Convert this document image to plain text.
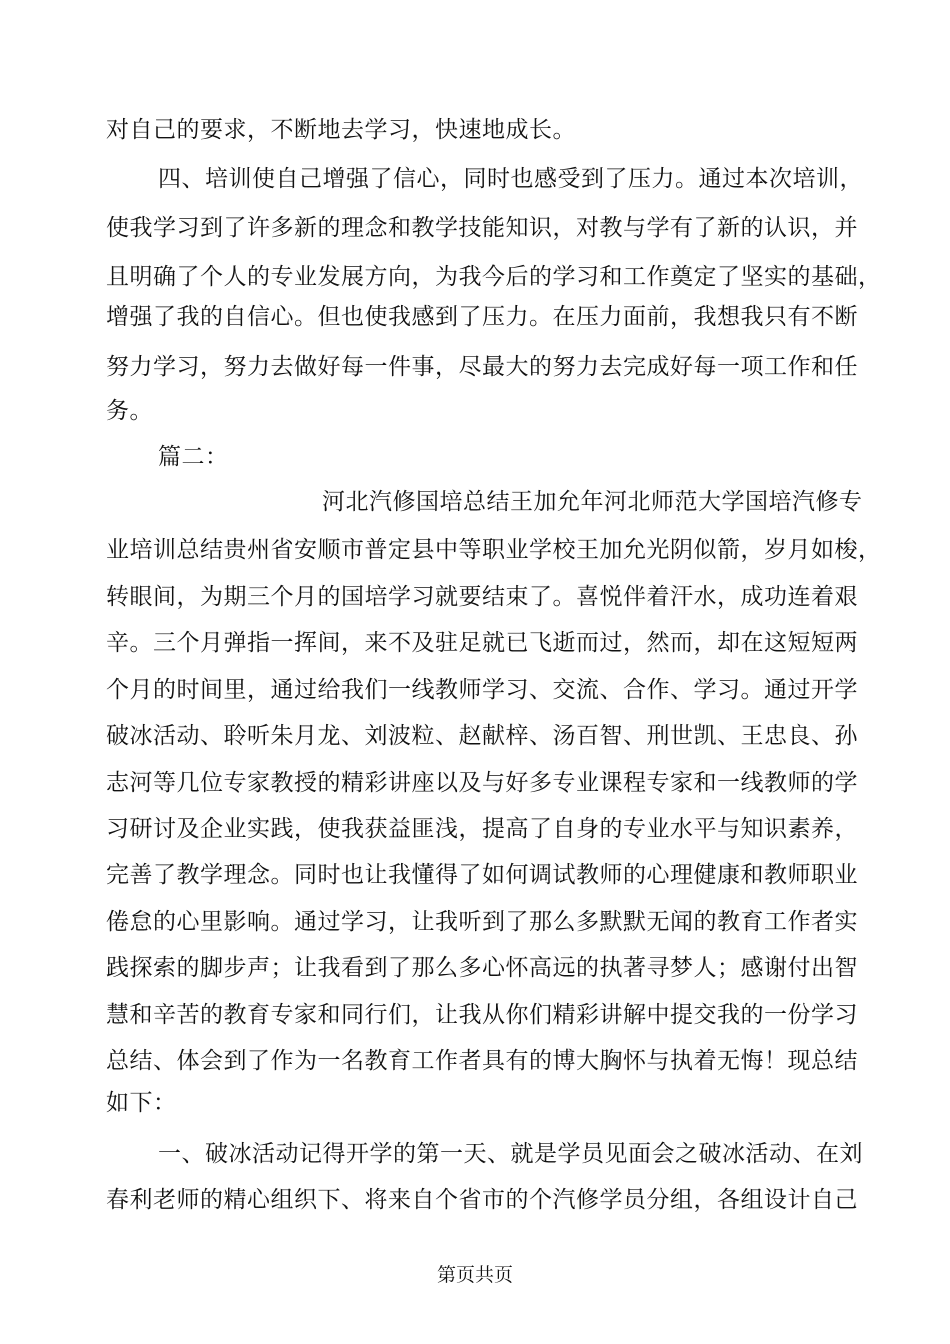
对自己的要求，不断地去学习，快速地成长。
四、培训使自己增强了信心，同时也感受到了压力。通过本次培训，
使我学习到了许多新的理念和教学技能知识，对教与学有了新的认识，并
且明确了个人的专业发展方向，为我今后的学习和工作奠定了坚实的基础，
增强了我的自信心。但也使我感到了压力。在压力面前，我想我只有不断
努力学习，努力去做好每一件事，尽最大的努力去完成好每一项工作和任
务。
篇二：
河北汽修国培总结王加允年河北师范大学国培汽修专
业培训总结贵州省安顺市普定县中等职业学校王加允光阴似箭，岁月如梭，
转眼间，为期三个月的国培学习就要结束了。喜悦伴着汗水，成功连着艰
辛。三个月弹指一挥间，来不及驻足就已飞逝而过，然而，却在这短短两
个月的时间里，通过给我们一线教师学习、交流、合作、学习。通过开学
破冰活动、聆听朱月龙、刘波粒、赵献梓、汤百智、刑世凯、王忠良、孙
志河等几位专家教授的精彩讲座以及与好多专业课程专家和一线教师的学
习研讨及企业实践，使我获益匪浅，提高了自身的专业水平与知识素养，
完善了教学理念。同时也让我懂得了如何调试教师的心理健康和教师职业
倦怠的心里影响。通过学习，让我听到了那么多默默无闻的教育工作者实
践探索的脚步声；让我看到了那么多心怀高远的执著寻梦人；感谢付出智
慧和辛苦的教育专家和同行们，让我从你们精彩讲解中提交我的一份学习
总结、体会到了作为一名教育工作者具有的博大胸怀与执着无悔！现总结
如下：
一、破冰活动记得开学的第一天、就是学员见面会之破冰活动、在刘
春利老师的精心组织下、将来自个省市的个汽修学员分组，各组设计自己
第页共页
